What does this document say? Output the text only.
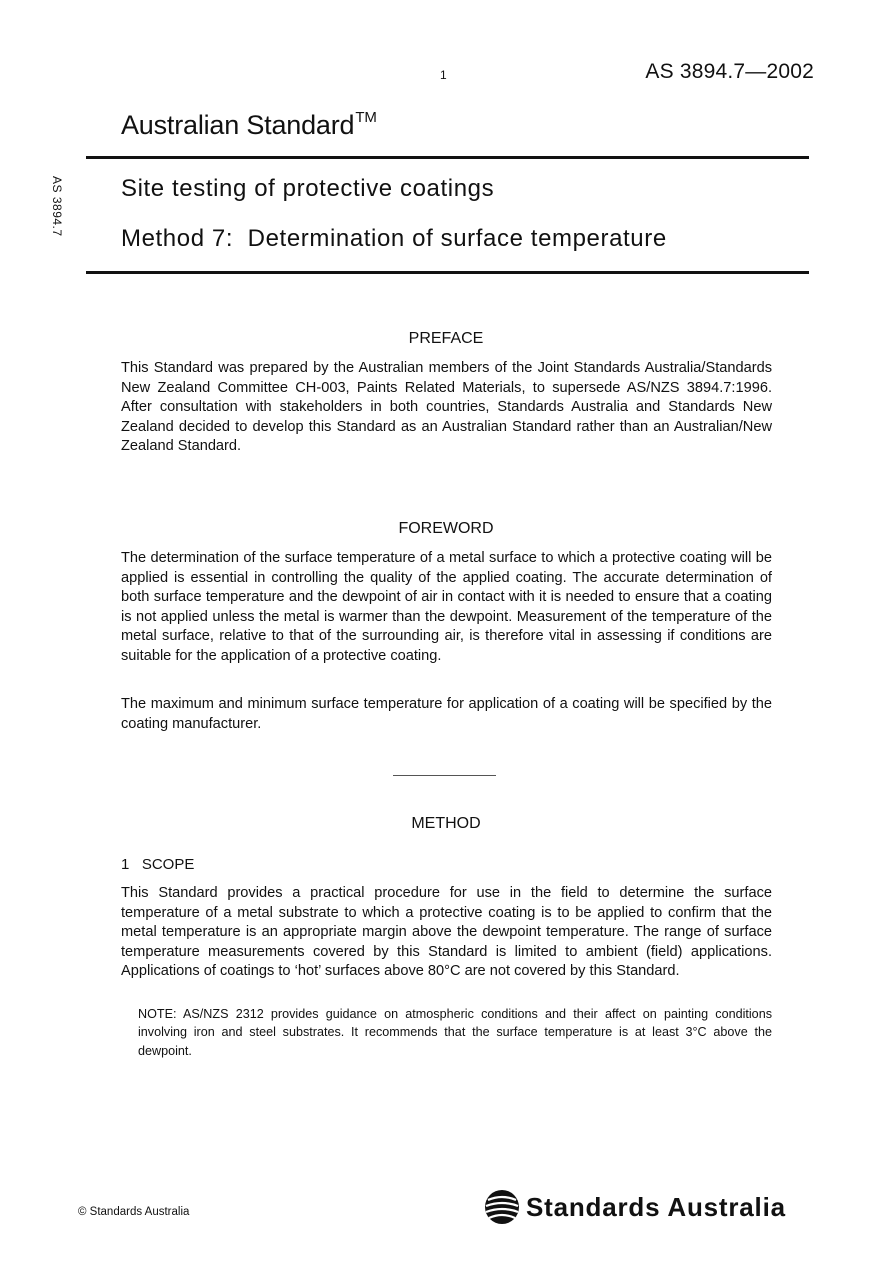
1	AS 3894.7—2002
AS 3894.7
Australian Standard™
Site testing of protective coatings
Method 7:  Determination of surface temperature
PREFACE
This Standard was prepared by the Australian members of the Joint Standards Australia/Standards New Zealand Committee CH-003, Paints Related Materials, to supersede AS/NZS 3894.7:1996. After consultation with stakeholders in both countries, Standards Australia and Standards New Zealand decided to develop this Standard as an Australian Standard rather than an Australian/New Zealand Standard.
FOREWORD
The determination of the surface temperature of a metal surface to which a protective coating will be applied is essential in controlling the quality of the applied coating. The accurate determination of both surface temperature and the dewpoint of air in contact with it is needed to ensure that a coating is not applied unless the metal is warmer than the dewpoint. Measurement of the temperature of the metal surface, relative to that of the surrounding air, is therefore vital in assessing if conditions are suitable for the application of a protective coating.
The maximum and minimum surface temperature for application of a coating will be specified by the coating manufacturer.
METHOD
1   SCOPE
This Standard provides a practical procedure for use in the field to determine the surface temperature of a metal substrate to which a protective coating is to be applied to confirm that the metal temperature is an appropriate margin above the dewpoint temperature. The range of surface temperature measurements covered by this Standard is limited to ambient (field) applications. Applications of coatings to ‘hot’ surfaces above 80°C are not covered by this Standard.
NOTE: AS/NZS 2312 provides guidance on atmospheric conditions and their affect on painting conditions involving iron and steel substrates. It recommends that the surface temperature is at least 3°C above the dewpoint.
© Standards Australia	Standards Australia
